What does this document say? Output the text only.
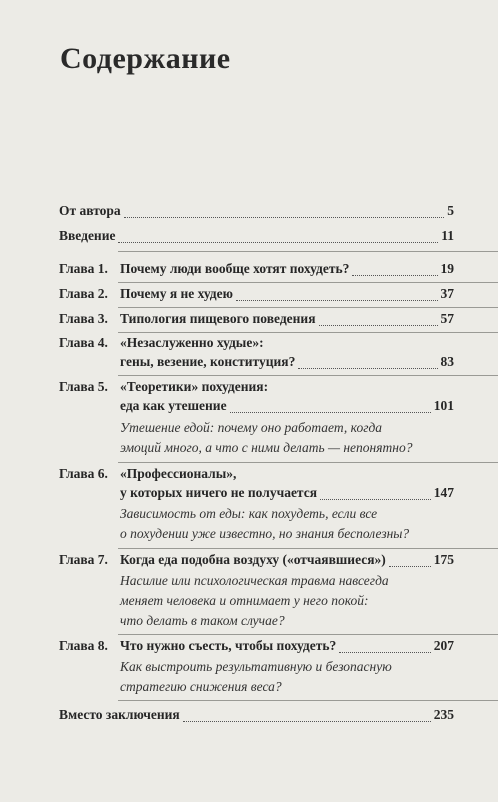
Содержание
От автора	5
Введение	11
Глава 1. Почему люди вообще хотят похудеть?	19
Глава 2. Почему я не худею	37
Глава 3. Типология пищевого поведения	57
Глава 4. «Незаслуженно худые»:
гены, везение, конституция?	83
Глава 5. «Теоретики» похудения:
еда как утешение	101
Утешение едой: почему оно работает, когда
эмоций много, а что с ними делать — непонятно?
Глава 6. «Профессионалы»,
у которых ничего не получается	147
Зависимость от еды: как похудеть, если все
о похудении уже известно, но знания бесполезны?
Глава 7. Когда еда подобна воздуху («отчаявшиеся»)	175
Насилие или психологическая травма навсегда
меняет человека и отнимает у него покой:
что делать в таком случае?
Глава 8. Что нужно съесть, чтобы похудеть?	207
Как выстроить результативную и безопасную
стратегию снижения веса?
Вместо заключения	235
